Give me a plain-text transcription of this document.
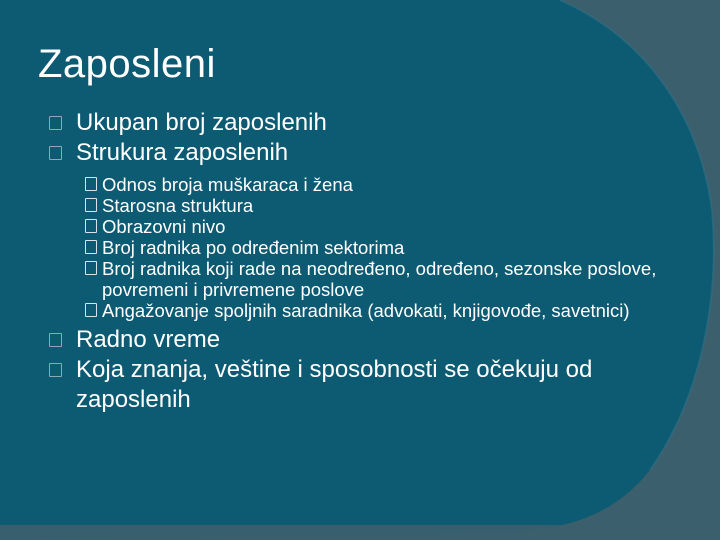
Zaposleni

Ukupan broj zaposlenih

Strukura zaposlenih

Odnos broja muškaraca i žena

Starosna struktura

Obrazovni nivo

Broj radnika po određenim sektorima

Broj radnika koji rade na neodređeno, određeno, sezonske poslove, povremeni i privremene poslove

Angažovanje spoljnih saradnika (advokati, knjigovođe, savetnici)

Radno vreme

Koja znanja, veštine i sposobnosti se očekuju od zaposlenih
